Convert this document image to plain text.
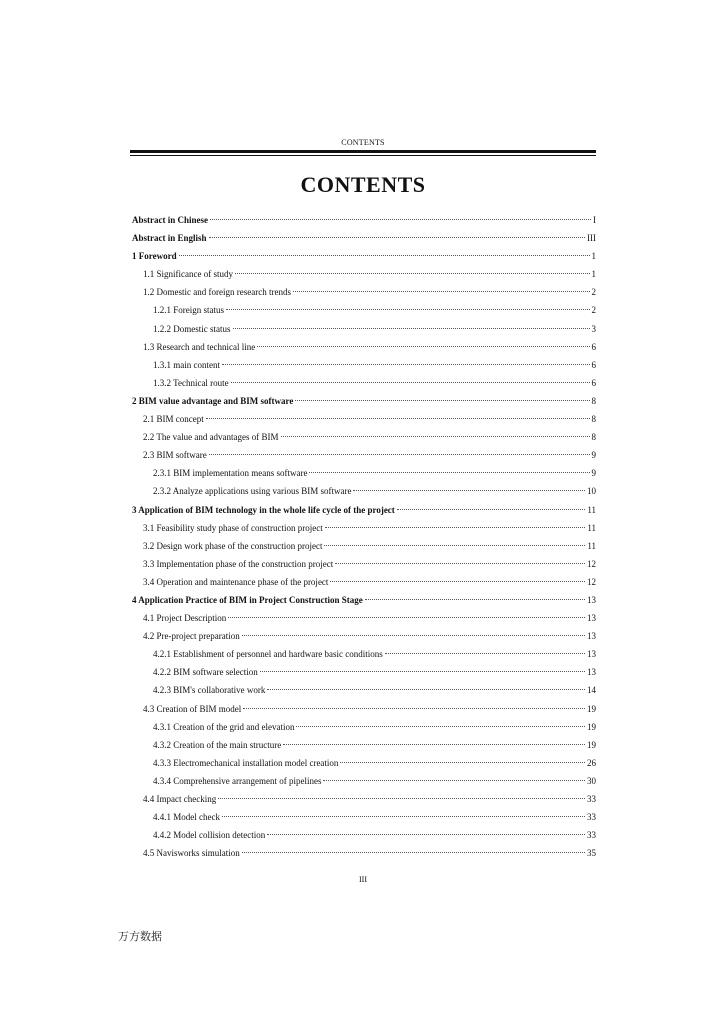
CONTENTS
CONTENTS
Abstract in Chinese	I
Abstract in English	III
1 Foreword	1
1.1 Significance of study	1
1.2 Domestic and foreign research trends	2
1.2.1 Foreign status	2
1.2.2 Domestic status	3
1.3 Research and technical line	6
1.3.1 main content	6
1.3.2 Technical route	6
2 BIM value advantage and BIM software	8
2.1 BIM concept	8
2.2 The value and advantages of BIM	8
2.3 BIM software	9
2.3.1 BIM implementation means software	9
2.3.2 Analyze applications using various BIM software	10
3 Application of BIM technology in the whole life cycle of the project	11
3.1 Feasibility study phase of construction project	11
3.2 Design work phase of the construction project	11
3.3 Implementation phase of the construction project	12
3.4 Operation and maintenance phase of the project	12
4 Application Practice of BIM in Project Construction Stage	13
4.1 Project Description	13
4.2 Pre-project preparation	13
4.2.1 Establishment of personnel and hardware basic conditions	13
4.2.2 BIM software selection	13
4.2.3 BIM's collaborative work	14
4.3 Creation of BIM model	19
4.3.1 Creation of the grid and elevation	19
4.3.2 Creation of the main structure	19
4.3.3 Electromechanical installation model creation	26
4.3.4 Comprehensive arrangement of pipelines	30
4.4 Impact checking	33
4.4.1 Model check	33
4.4.2 Model collision detection	33
4.5 Navisworks simulation	35
III
万方数据
